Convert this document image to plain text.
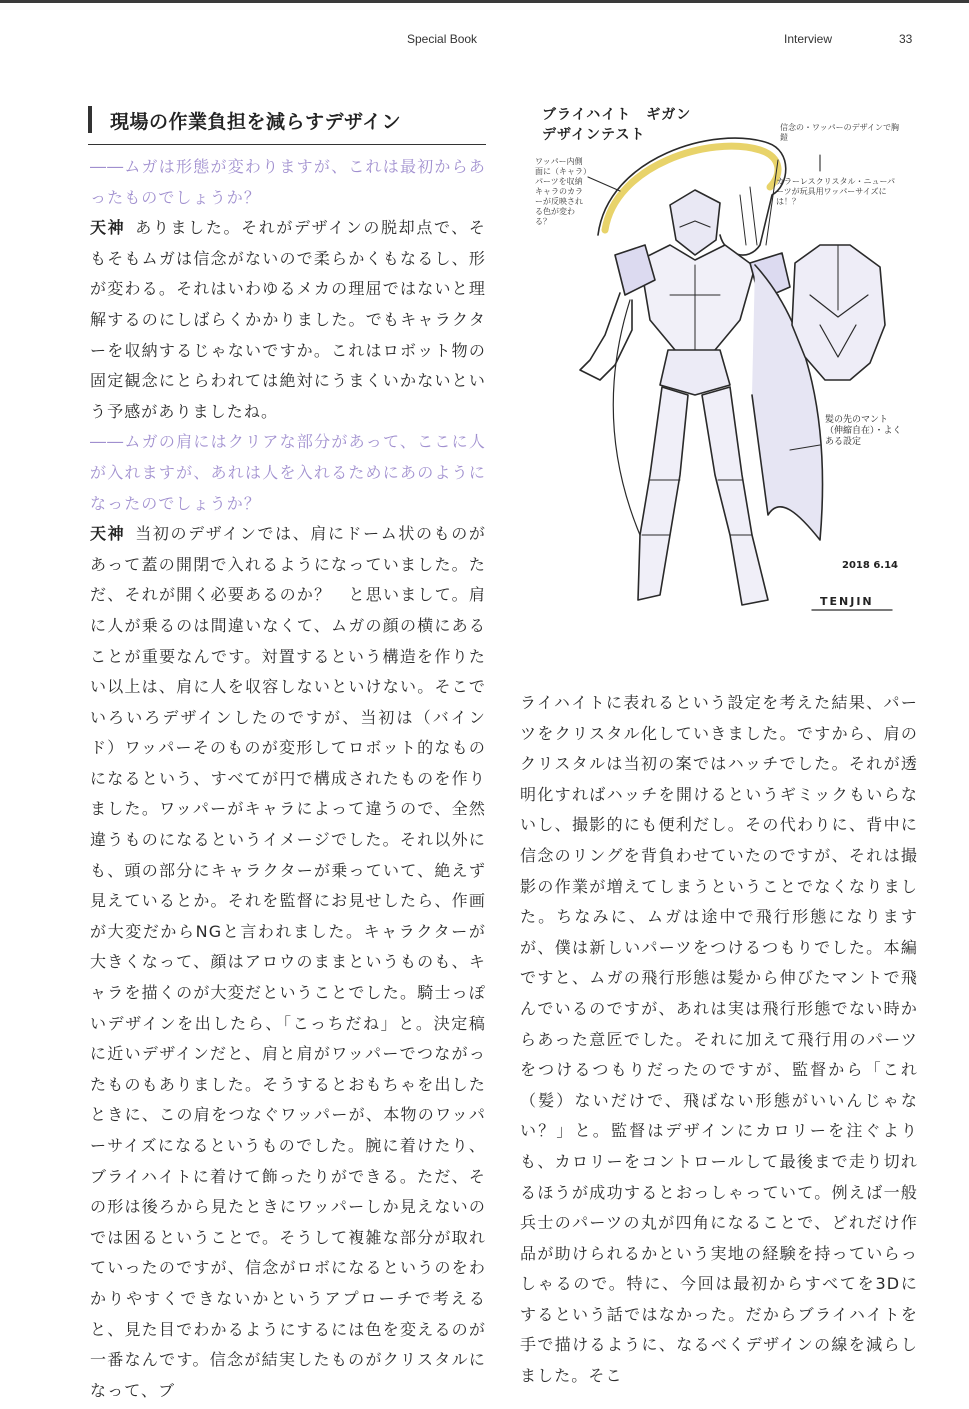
Special Book	Interview	33
現場の作業負担を減らすデザイン

――ムガは形態が変わりますが、これは最初からあったものでしょうか？

天神 ありました。それがデザインの脱却点で、そもそもムガは信念がないので柔らかくもなるし、形が変わる。それはいわゆるメカの理屈ではないと理解するのにしばらくかかりました。でもキャラクターを収納するじゃないですか。これはロボット物の固定観念にとらわれては絶対にうまくいかないという予感がありましたね。

――ムガの肩にはクリアな部分があって、ここに人が入れますが、あれは人を入れるためにあのようになったのでしょうか？

天神 当初のデザインでは、肩にドーム状のものがあって蓋の開閉で入れるようになっていました。ただ、それが開く必要あるのか？　と思いまして。肩に人が乗るのは間違いなくて、ムガの顔の横にあることが重要なんです。対置するという構造を作りたい以上は、肩に人を収容しないといけない。そこでいろいろデザインしたのですが、当初は（バインド）ワッパーそのものが変形してロボット的なものになるという、すべてが円で構成されたものを作りました。ワッパーがキャラによって違うので、全然違うものになるというイメージでした。それ以外にも、頭の部分にキャラクターが乗っていて、絶えず見えているとか。それを監督にお見せしたら、作画が大変だからNGと言われました。キャラクターが大きくなって、顔はアロウのままというものも、キャラを描くのが大変だということでした。騎士っぽいデザインを出したら、「こっちだね」と。決定稿に近いデザインだと、肩と肩がワッパーでつながったものもありました。そうするとおもちゃを出したときに、この肩をつなぐワッパーが、本物のワッパーサイズになるというものでした。腕に着けたり、ブライハイトに着けて飾ったりができる。ただ、その形は後ろから見たときにワッパーしか見えないのでは困るということで。そうして複雑な部分が取れていったのですが、信念がロボになるというのをわかりやすくできないかというアプローチで考えると、見た目でわかるようにするには色を変えるのが一番なんです。信念が結実したものがクリスタルになって、ブ

ブライハイト　ギガン
デザインテスト
ワッパー内側面に（キャラ）パーツを収納キャラのカラーが反映される色が変わる？
信念の・ワッパーのデザインで胸鎧
カラーレスクリスタル・ニューパーツが玩具用ワッパーサイズには！？
髪の先のマント（伸縮自在）・よくある設定
2018 6.14
TENJIN

ライハイトに表れるという設定を考えた結果、パーツをクリスタル化していきました。ですから、肩のクリスタルは当初の案ではハッチでした。それが透明化すればハッチを開けるというギミックもいらないし、撮影的にも便利だし。その代わりに、背中に信念のリングを背負わせていたのですが、それは撮影の作業が増えてしまうということでなくなりました。ちなみに、ムガは途中で飛行形態になりますが、僕は新しいパーツをつけるつもりでした。本編ですと、ムガの飛行形態は髪から伸びたマントで飛んでいるのですが、あれは実は飛行形態でない時からあった意匠でした。それに加えて飛行用のパーツをつけるつもりだったのですが、監督から「これ（髪）ないだけで、飛ばない形態がいいんじゃない？」と。監督はデザインにカロリーを注ぐよりも、カロリーをコントロールして最後まで走り切れるほうが成功するとおっしゃっていて。例えば一般兵士のパーツの丸が四角になることで、どれだけ作品が助けられるかという実地の経験を持っていらっしゃるので。特に、今回は最初からすべてを3Dにするという話ではなかった。だからブライハイトを手で描けるように、なるべくデザインの線を減らしました。そこ
